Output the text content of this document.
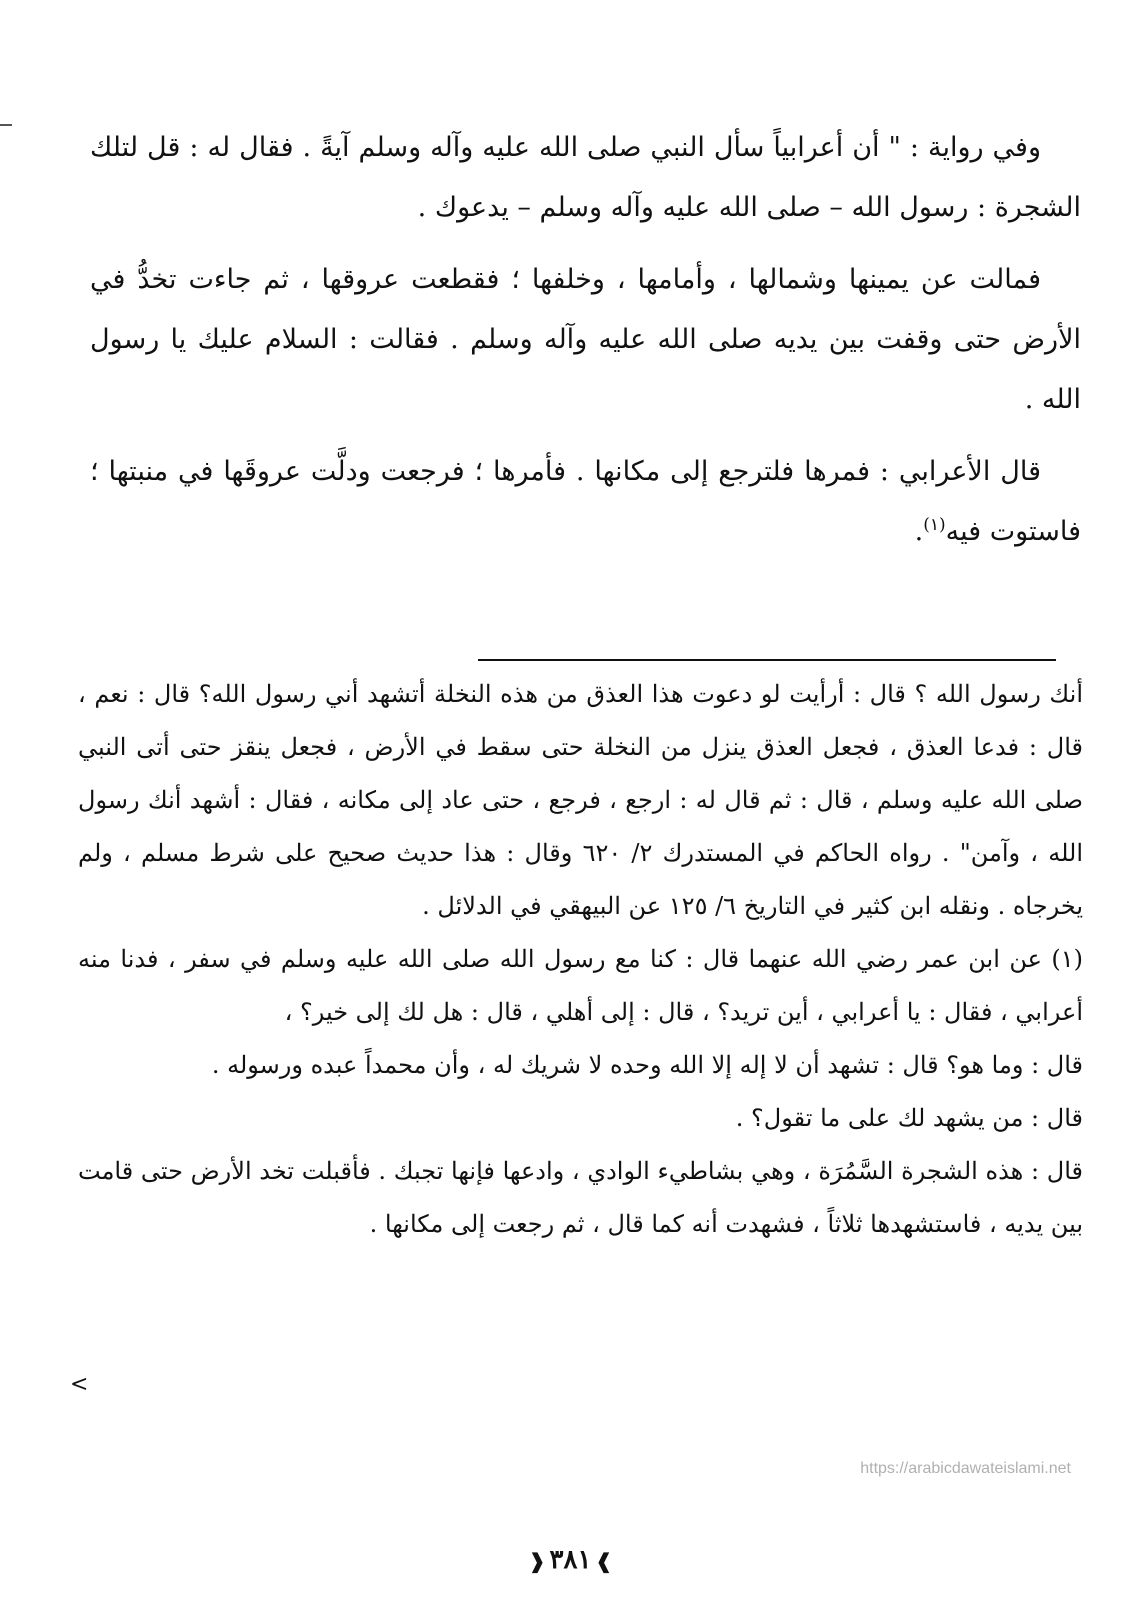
وفي رواية : " أن أعرابياً سأل النبي صلى الله عليه وآله وسلم آيةً . فقال له : قل لتلك الشجرة : رسول الله – صلى الله عليه وآله وسلم – يدعوك .

فمالت عن يمينها وشمالها ، وأمامها ، وخلفها ؛ فقطعت عروقها ، ثم جاءت تخدُّ في الأرض حتى وقفت بين يديه صلى الله عليه وآله وسلم . فقالت : السلام عليك يا رسول الله .

قال الأعرابي : فمرها فلترجع إلى مكانها . فأمرها ؛ فرجعت ودلَّت عروقَها في منبتها ؛ فاستوت فيه$^{(١)}$.

أنك رسول الله ؟ قال : أرأيت لو دعوت هذا العذق من هذه النخلة أتشهد أني رسول الله؟ قال : نعم ، قال : فدعا العذق ، فجعل العذق ينزل من النخلة حتى سقط في الأرض ، فجعل ينقز حتى أتى النبي صلى الله عليه وسلم ، قال : ثم قال له : ارجع ، فرجع ، حتى عاد إلى مكانه ، فقال : أشهد أنك رسول الله ، وآمن" . رواه الحاكم في المستدرك ٢/ ٦٢٠ وقال : هذا حديث صحيح على شرط مسلم ، ولم يخرجاه . ونقله ابن كثير في التاريخ ٦/ ١٢٥ عن البيهقي في الدلائل .

(١) عن ابن عمر رضي الله عنهما قال : كنا مع رسول الله صلى الله عليه وسلم في سفر ، فدنا منه أعرابي ، فقال : يا أعرابي ، أين تريد؟ ، قال : إلى أهلي ، قال : هل لك إلى خير؟ ،

قال : وما هو؟ قال : تشهد أن لا إله إلا الله وحده لا شريك له ، وأن محمداً عبده ورسوله .

قال : من يشهد لك على ما تقول؟ .

قال : هذه الشجرة السَّمُرَة ، وهي بشاطيء الوادي ، وادعها فإنها تجبك . فأقبلت تخد الأرض حتى قامت بين يديه ، فاستشهدها ثلاثاً ، فشهدت أنه كما قال ، ثم رجعت إلى مكانها .

<
https://arabicdawateislami.net
❱٣٨١❰
